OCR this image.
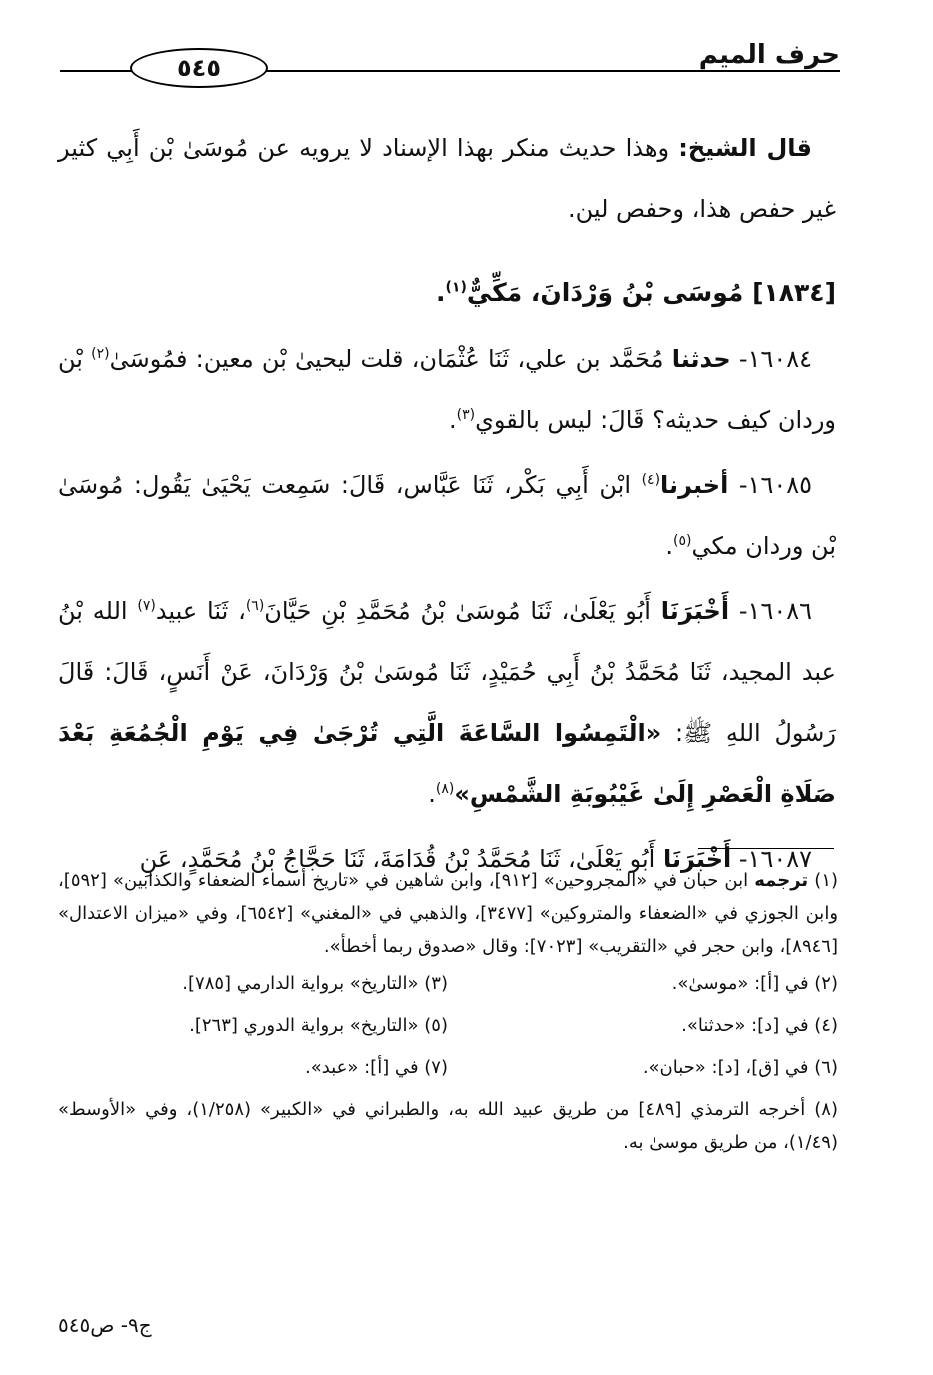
٥٤٥	حرف الميم

قال الشيخ: وهذا حديث منكر بهذا الإسناد لا يرويه عن مُوسَىٰ بْن أَبِي كثير غير حفص هذا، وحفص لين.

[١٨٣٤] مُوسَى بْنُ وَرْدَانَ، مَكِّيٌّ$^{(١)}$.

١٦٠٨٤- حدثنا مُحَمَّد بن علي، ثَنَا عُثْمَان، قلت ليحيىٰ بْن معين: فمُوسَىٰ$^{(٢)}$ بْن وردان كيف حديثه؟ قَالَ: ليس بالقوي$^{(٣)}$.

١٦٠٨٥- أخبرنا$^{(٤)}$ ابْن أَبِي بَكْر، ثَنَا عَبَّاس، قَالَ: سَمِعت يَحْيَىٰ يَقُول: مُوسَىٰ بْن وردان مكي$^{(٥)}$.

١٦٠٨٦- أَخْبَرَنَا أَبُو يَعْلَىٰ، ثَنَا مُوسَىٰ بْنُ مُحَمَّدِ بْنِ حَيَّانَ$^{(٦)}$، ثَنَا عبيد$^{(٧)}$ الله بْنُ عبد المجيد، ثَنَا مُحَمَّدُ بْنُ أَبِي حُمَيْدٍ، ثَنَا مُوسَىٰ بْنُ وَرْدَانَ، عَنْ أَنَسٍ، قَالَ: قَالَ رَسُولُ اللهِ ﷺ: «الْتَمِسُوا السَّاعَةَ الَّتِي تُرْجَىٰ فِي يَوْمِ الْجُمُعَةِ بَعْدَ صَلَاةِ الْعَصْرِ إِلَىٰ غَيْبُوبَةِ الشَّمْسِ»$^{(٨)}$.

١٦٠٨٧- أَخْبَرَنَا أَبُو يَعْلَىٰ، ثَنَا مُحَمَّدُ بْنُ قُدَامَةَ، ثَنَا حَجَّاجُ بْنُ مُحَمَّدٍ، عَنِ

(١) ترجمه ابن حبان في «المجروحين» [٩١٢]، وابن شاهين في «تاريخ أسماء الضعفاء والكذابين» [٥٩٢]، وابن الجوزي في «الضعفاء والمتروكين» [٣٤٧٧]، والذهبي في «المغني» [٦٥٤٢]، وفي «ميزان الاعتدال» [٨٩٤٦]، وابن حجر في «التقريب» [٧٠٢٣]: وقال «صدوق ربما أخطأ».

(٢) في [أ]: «موسىٰ».
(٣) «التاريخ» برواية الدارمي [٧٨٥].
(٤) في [د]: «حدثنا».
(٥) «التاريخ» برواية الدوري [٢٦٣].
(٦) في [ق]، [د]: «حبان».
(٧) في [أ]: «عبد».

(٨) أخرجه الترمذي [٤٨٩] من طريق عبيد الله به، والطبراني في «الكبير» (١/٢٥٨)، وفي «الأوسط» (١/٤٩)، من طريق موسىٰ به.

ج٩- ص٥٤٥
